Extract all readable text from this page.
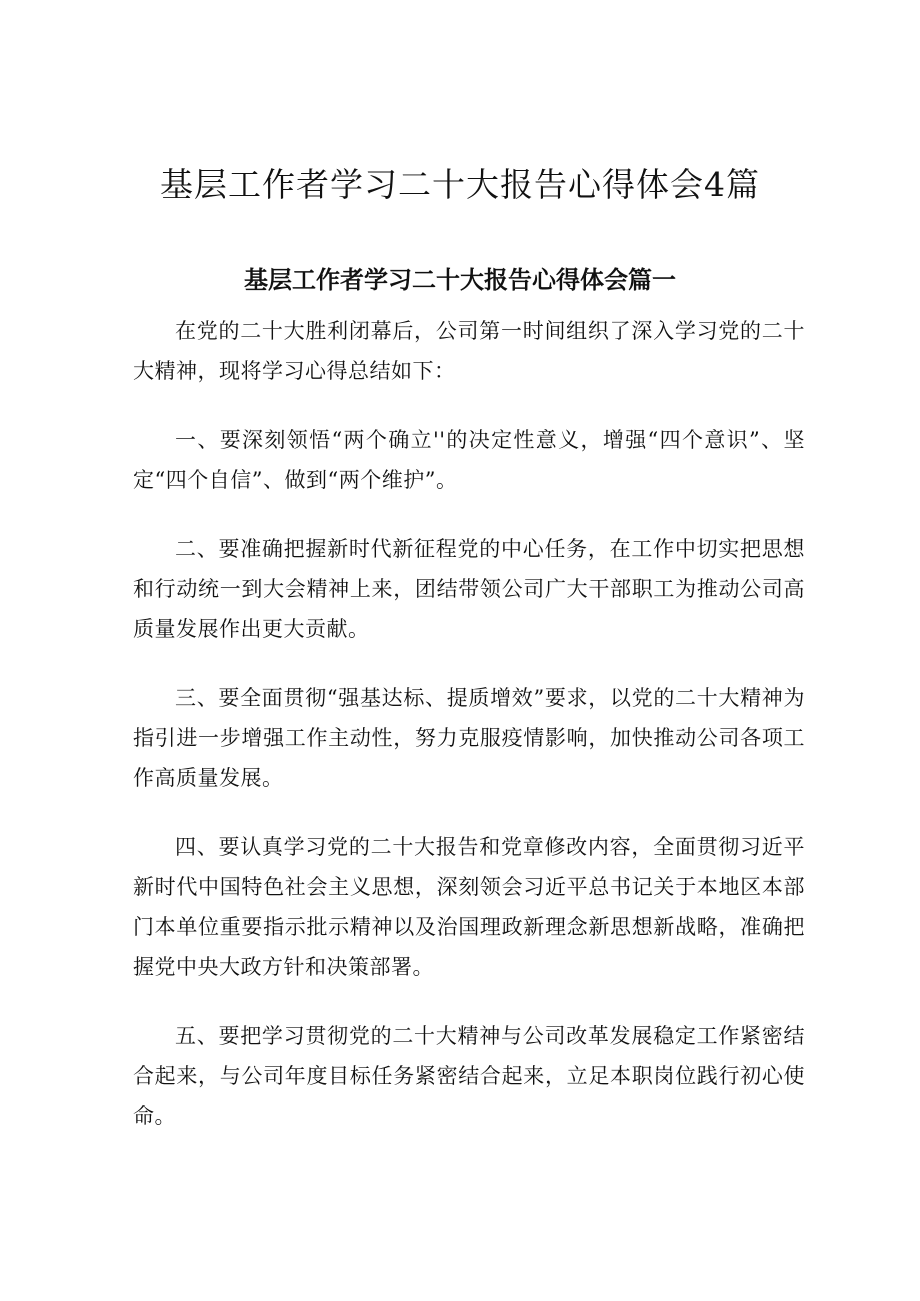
基层工作者学习二十大报告心得体会4篇
基层工作者学习二十大报告心得体会篇一

在党的二十大胜利闭幕后，公司第一时间组织了深入学习党的二十大精神，现将学习心得总结如下：

一、要深刻领悟“两个确立''的决定性意义，增强“四个意识”、坚定“四个自信”、做到“两个维护”。

二、要准确把握新时代新征程党的中心任务，在工作中切实把思想和行动统一到大会精神上来，团结带领公司广大干部职工为推动公司高质量发展作出更大贡献。

三、要全面贯彻“强基达标、提质增效”要求，以党的二十大精神为指引进一步增强工作主动性，努力克服疫情影响，加快推动公司各项工作高质量发展。

四、要认真学习党的二十大报告和党章修改内容，全面贯彻习近平新时代中国特色社会主义思想，深刻领会习近平总书记关于本地区本部门本单位重要指示批示精神以及治国理政新理念新思想新战略，准确把握党中央大政方针和决策部署。

五、要把学习贯彻党的二十大精神与公司改革发展稳定工作紧密结合起来，与公司年度目标任务紧密结合起来，立足本职岗位践行初心使命。
